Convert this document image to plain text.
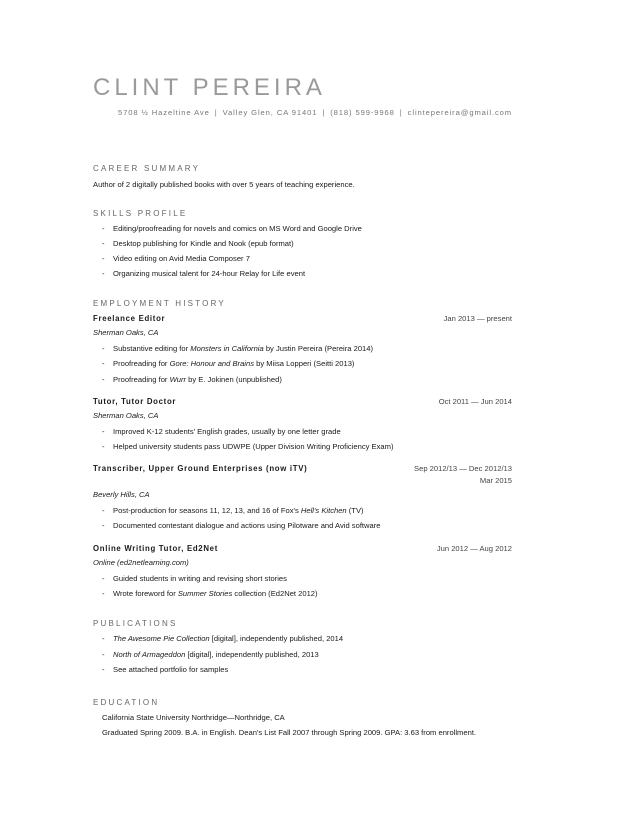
CLINT PEREIRA
5708 ½ Hazeltine Ave | Valley Glen, CA 91401 | (818) 599-9968 | clintepereira@gmail.com
CAREER SUMMARY
Author of 2 digitally published books with over 5 years of teaching experience.
SKILLS PROFILE
- Editing/proofreading for novels and comics on MS Word and Google Drive
- Desktop publishing for Kindle and Nook (epub format)
- Video editing on Avid Media Composer 7
- Organizing musical talent for 24-hour Relay for Life event
EMPLOYMENT HISTORY
Freelance Editor	Jan 2013 — present
Sherman Oaks, CA
- Substantive editing for Monsters in California by Justin Pereira (Pereira 2014)
- Proofreading for Gore: Honour and Brains by Miisa Lopperi (Seitti 2013)
- Proofreading for Wurr by E. Jokinen (unpublished)
Tutor, Tutor Doctor	Oct 2011 — Jun 2014
Sherman Oaks, CA
- Improved K-12 students' English grades, usually by one letter grade
- Helped university students pass UDWPE (Upper Division Writing Proficiency Exam)
Transcriber, Upper Ground Enterprises (now iTV)	Sep 2012/13 — Dec 2012/13
Mar 2015
Beverly Hills, CA
- Post-production for seasons 11, 12, 13, and 16 of Fox's Hell's Kitchen (TV)
- Documented contestant dialogue and actions using Pilotware and Avid software
Online Writing Tutor, Ed2Net	Jun 2012 — Aug 2012
Online (ed2netlearning.com)
- Guided students in writing and revising short stories
- Wrote foreword for Summer Stories collection (Ed2Net 2012)
PUBLICATIONS
- The Awesome Pie Collection [digital], independently published, 2014
- North of Armageddon [digital], independently published, 2013
- See attached portfolio for samples
EDUCATION
California State University Northridge—Northridge, CA
Graduated Spring 2009. B.A. in English. Dean's List Fall 2007 through Spring 2009. GPA: 3.63 from enrollment.
